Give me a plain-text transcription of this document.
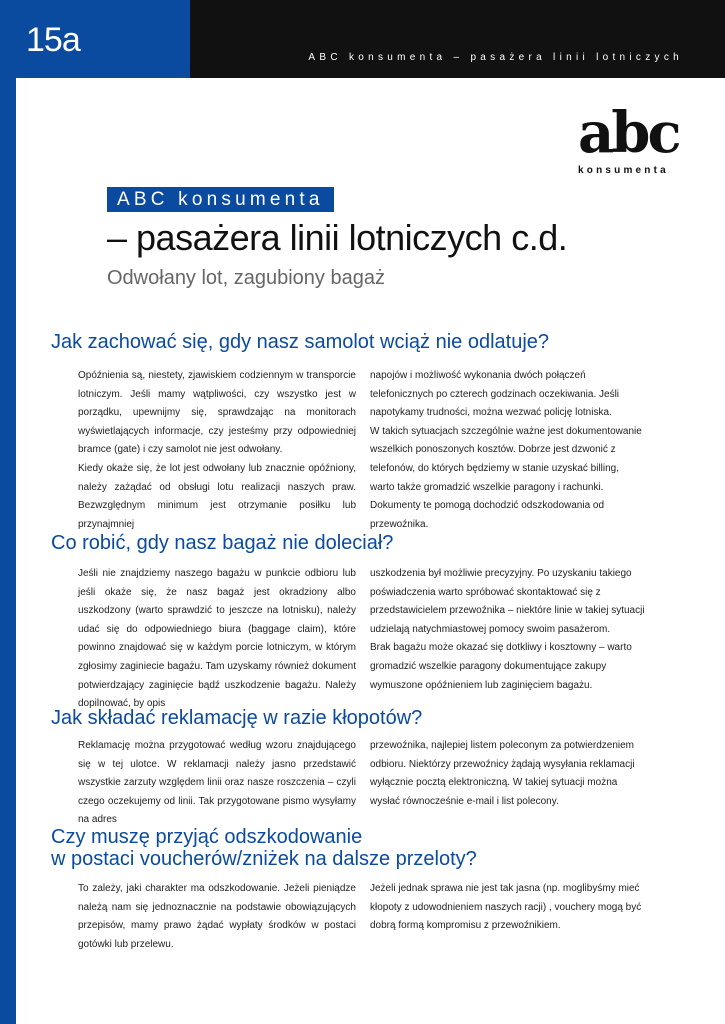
15a	ABC konsumenta – pasażera linii lotniczych
abc
konsumenta
ABC konsumenta
– pasażera linii lotniczych c.d.
Odwołany lot, zagubiony bagaż
Jak zachować się, gdy nasz samolot wciąż nie odlatuje?

Opóźnienia są, niestety, zjawiskiem codziennym w transporcie lotniczym. Jeśli mamy wątpliwości, czy wszystko jest w porządku, upewnijmy się, sprawdzając na monitorach wyświetlających informacje, czy jesteśmy przy odpowiedniej bramce (gate) i czy samolot nie jest odwołany.

Kiedy okaże się, że lot jest odwołany lub znacznie opóźniony, należy zażądać od obsługi lotu realizacji naszych praw. Bezwzględnym minimum jest otrzymanie posiłku lub przynajmniej

napojów i możliwość wykonania dwóch połączeń telefonicznych po czterech godzinach oczekiwania. Jeśli napotykamy trudności, można wezwać policję lotniska.

W takich sytuacjach szczególnie ważne jest dokumentowanie wszelkich ponoszonych kosztów. Dobrze jest dzwonić z telefonów, do których będziemy w stanie uzyskać billing, warto także gromadzić wszelkie paragony i rachunki. Dokumenty te pomogą dochodzić odszkodowania od przewoźnika.

Co robić, gdy nasz bagaż nie doleciał?

Jeśli nie znajdziemy naszego bagażu w punkcie odbioru lub jeśli okaże się, że nasz bagaż jest okradziony albo uszkodzony (warto sprawdzić to jeszcze na lotnisku), należy udać się do odpowiedniego biura (baggage claim), które powinno znajdować się w każdym porcie lotniczym, w którym zgłosimy zaginiecie bagażu. Tam uzyskamy również dokument potwierdzający zaginięcie bądź uszkodzenie bagażu. Należy dopilnować, by opis

uszkodzenia był możliwie precyzyjny. Po uzyskaniu takiego poświadczenia warto spróbować skontaktować się z przedstawicielem przewoźnika – niektóre linie w takiej sytuacji udzielają natychmiastowej pomocy swoim pasażerom.

Brak bagażu może okazać się dotkliwy i kosztowny – warto gromadzić wszelkie paragony dokumentujące zakupy wymuszone opóźnieniem lub zaginięciem bagażu.

Jak składać reklamację w razie kłopotów?

Reklamację można przygotować według wzoru znajdującego się w tej ulotce. W reklamacji należy jasno przedstawić wszystkie zarzuty względem linii oraz nasze roszczenia – czyli czego oczekujemy od linii. Tak przygotowane pismo wysyłamy na adres

przewoźnika, najlepiej listem poleconym za potwierdzeniem odbioru. Niektórzy przewoźnicy żądają wysyłania reklamacji wyłącznie pocztą elektroniczną. W takiej sytuacji można wysłać równocześnie e-mail i list polecony.

Czy muszę przyjąć odszkodowanie
w postaci voucherów/zniżek na dalsze przeloty?

To zależy, jaki charakter ma odszkodowanie. Jeżeli pieniądze należą nam się jednoznacznie na podstawie obowiązujących przepisów, mamy prawo żądać wypłaty środków w postaci gotówki lub przelewu.

Jeżeli jednak sprawa nie jest tak jasna (np. moglibyśmy mieć kłopoty z udowodnieniem naszych racji) , vouchery mogą być dobrą formą kompromisu z przewoźnikiem.
